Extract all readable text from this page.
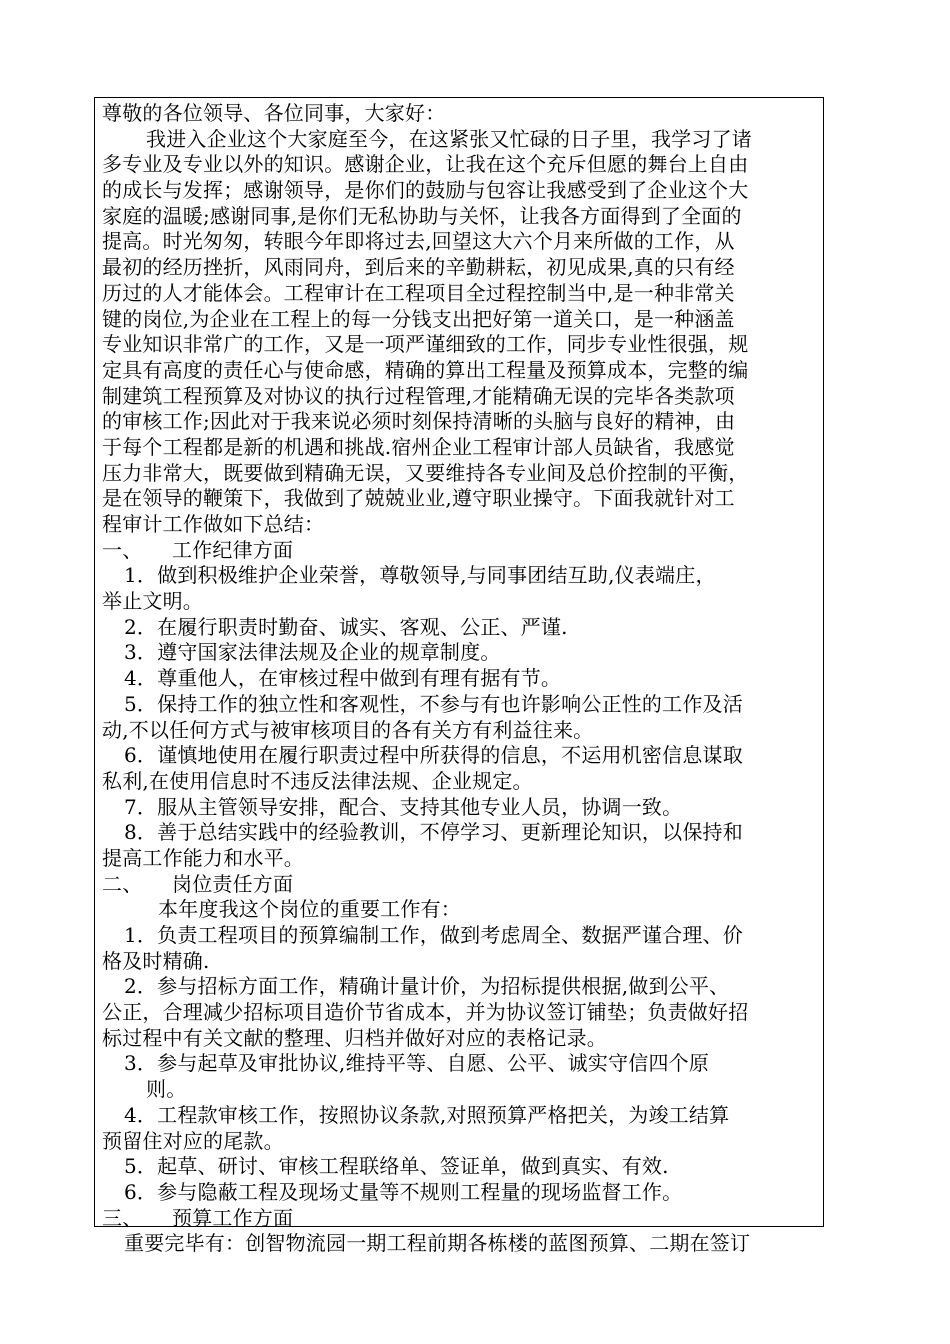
尊敬的各位领导、各位同事，大家好：
我进入企业这个大家庭至今，在这紧张又忙碌的日子里，我学习了诸
多专业及专业以外的知识。感谢企业，让我在这个充斥但愿的舞台上自由
的成长与发挥；感谢领导，是你们的鼓励与包容让我感受到了企业这个大
家庭的温暖;感谢同事,是你们无私协助与关怀，让我各方面得到了全面的
提高。时光匆匆，转眼今年即将过去,回望这大六个月来所做的工作，从
最初的经历挫折，风雨同舟，到后来的辛勤耕耘，初见成果,真的只有经
历过的人才能体会。工程审计在工程项目全过程控制当中,是一种非常关
键的岗位,为企业在工程上的每一分钱支出把好第一道关口，是一种涵盖
专业知识非常广的工作，又是一项严谨细致的工作，同步专业性很强，规
定具有高度的责任心与使命感，精确的算出工程量及预算成本，完整的编
制建筑工程预算及对协议的执行过程管理,才能精确无误的完毕各类款项
的审核工作;因此对于我来说必须时刻保持清晰的头脑与良好的精神，由
于每个工程都是新的机遇和挑战.宿州企业工程审计部人员缺省，我感觉
压力非常大，既要做到精确无误，又要维持各专业间及总价控制的平衡，
是在领导的鞭策下，我做到了兢兢业业,遵守职业操守。下面我就针对工
程审计工作做如下总结：
一、 工作纪律方面
1．做到积极维护企业荣誉，尊敬领导,与同事团结互助,仪表端庄，
举止文明。
2．在履行职责时勤奋、诚实、客观、公正、严谨.
3．遵守国家法律法规及企业的规章制度。
4．尊重他人，在审核过程中做到有理有据有节。
5．保持工作的独立性和客观性，不参与有也许影响公正性的工作及活
动,不以任何方式与被审核项目的各有关方有利益往来。
6．谨慎地使用在履行职责过程中所获得的信息，不运用机密信息谋取
私利,在使用信息时不违反法律法规、企业规定。
7．服从主管领导安排，配合、支持其他专业人员，协调一致。
8．善于总结实践中的经验教训，不停学习、更新理论知识，以保持和
提高工作能力和水平。
二、 岗位责任方面
本年度我这个岗位的重要工作有：
1．负责工程项目的预算编制工作，做到考虑周全、数据严谨合理、价
格及时精确.
2．参与招标方面工作，精确计量计价，为招标提供根据,做到公平、
公正，合理减少招标项目造价节省成本，并为协议签订铺垫；负责做好招
标过程中有关文献的整理、归档并做好对应的表格记录。
3．参与起草及审批协议,维持平等、自愿、公平、诚实守信四个原
则。
4．工程款审核工作，按照协议条款,对照预算严格把关，为竣工结算
预留住对应的尾款。
5．起草、研讨、审核工程联络单、签证单，做到真实、有效.
6．参与隐蔽工程及现场丈量等不规则工程量的现场监督工作。
三、 预算工作方面
重要完毕有：创智物流园一期工程前期各栋楼的蓝图预算、二期在签订
